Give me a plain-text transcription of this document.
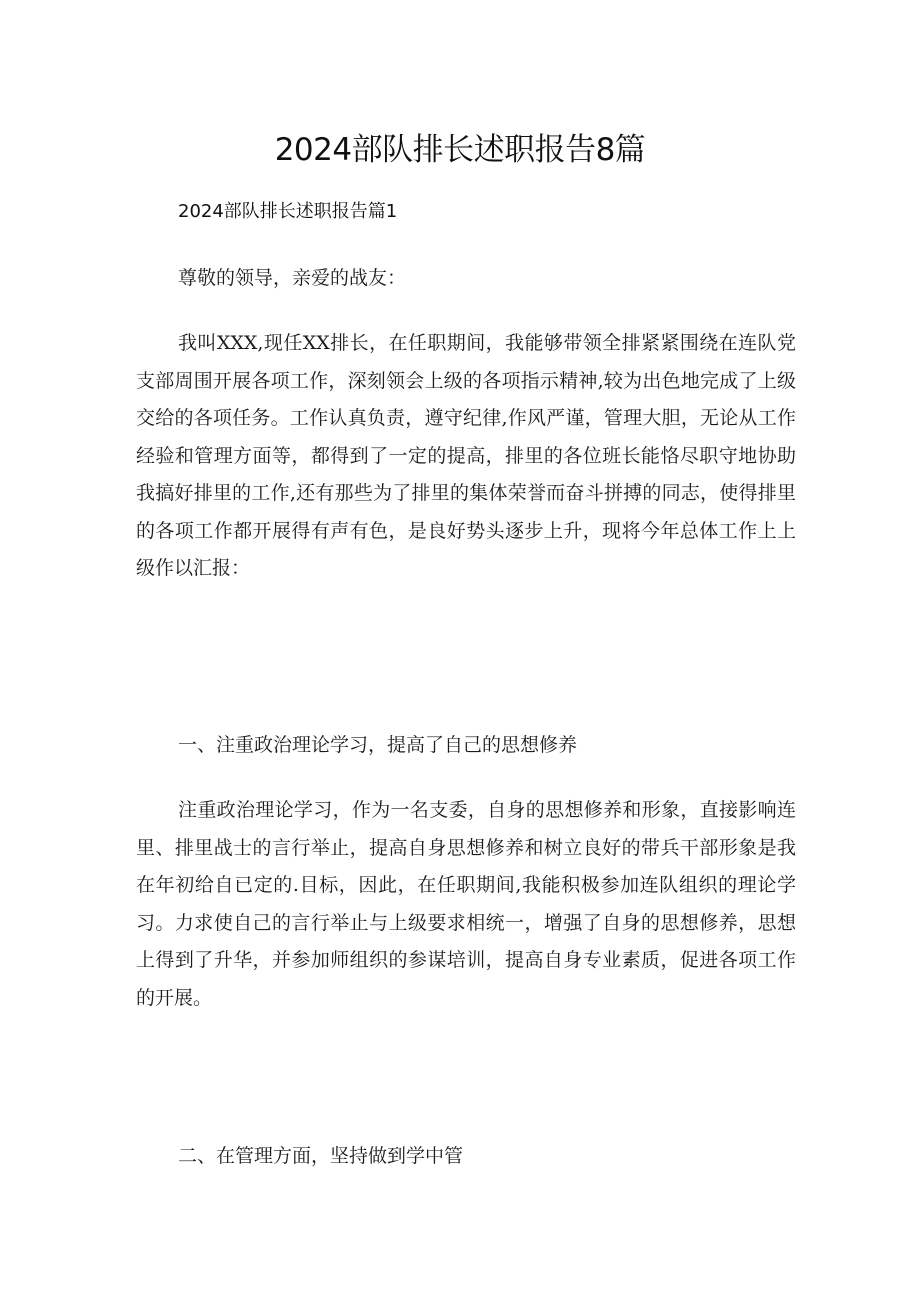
2024部队排长述职报告8篇

2024部队排长述职报告篇1

尊敬的领导，亲爱的战友：

我叫XXX,现任XX排长，在任职期间，我能够带领全排紧紧围绕在连队党支部周围开展各项工作，深刻领会上级的各项指示精神,较为出色地完成了上级交给的各项任务。工作认真负责，遵守纪律,作风严谨，管理大胆，无论从工作经验和管理方面等，都得到了一定的提高，排里的各位班长能恪尽职守地协助我搞好排里的工作,还有那些为了排里的集体荣誉而奋斗拼搏的同志，使得排里的各项工作都开展得有声有色，是良好势头逐步上升，现将今年总体工作上上级作以汇报：

一、注重政治理论学习，提高了自己的思想修养

注重政治理论学习，作为一名支委，自身的思想修养和形象，直接影响连里、排里战士的言行举止，提高自身思想修养和树立良好的带兵干部形象是我在年初给自已定的.目标，因此，在任职期间,我能积极参加连队组织的理论学习。力求使自己的言行举止与上级要求相统一，增强了自身的思想修养，思想上得到了升华，并参加师组织的参谋培训，提高自身专业素质，促进各项工作的开展。

二、在管理方面，坚持做到学中管
